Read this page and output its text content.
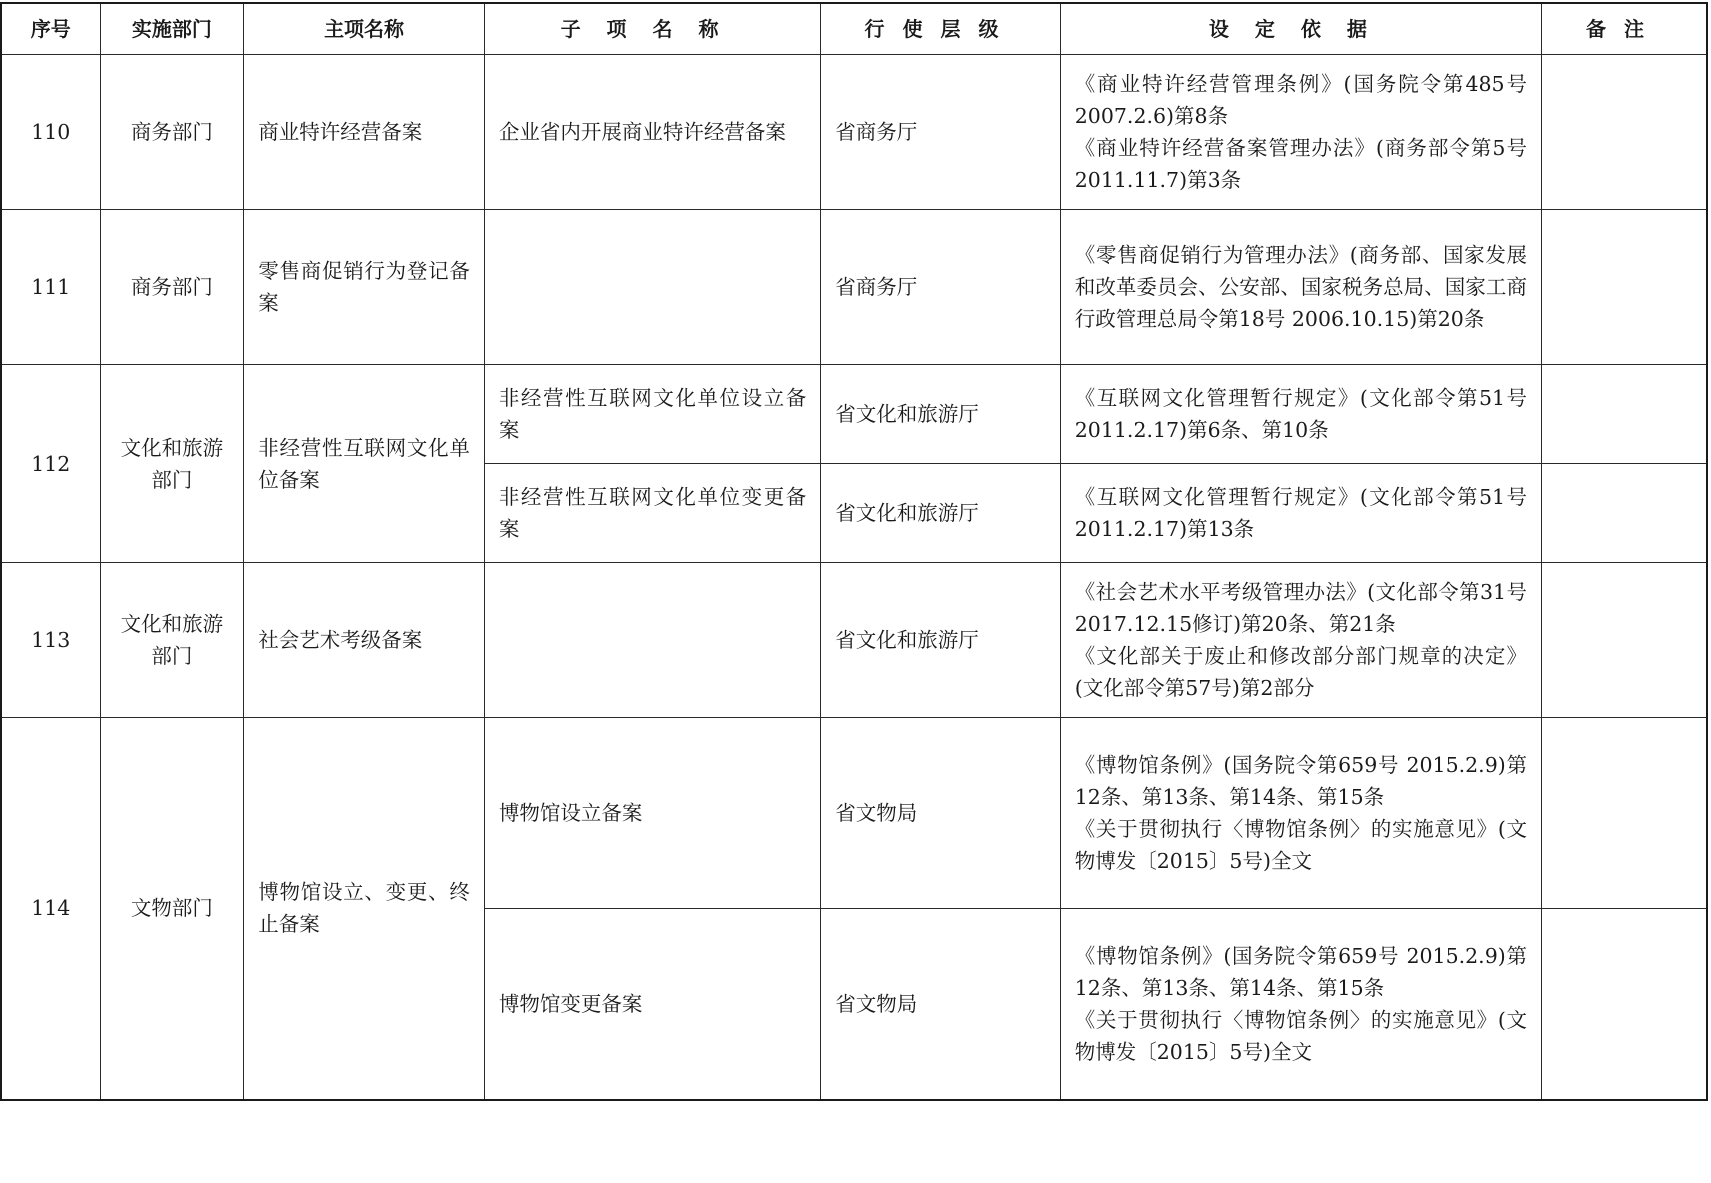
序号	实施部门	主项名称	子项名称	行使层级	设定依据	备注
110	商务部门	商业特许经营备案	企业省内开展商业特许经营备案	省商务厅	《商业特许经营管理条例》(国务院令第485号 2007.2.6)第8条
《商业特许经营备案管理办法》(商务部令第5号 2011.11.7)第3条	

111	商务部门	零售商促销行为登记备案		省商务厅	《零售商促销行为管理办法》(商务部、国家发展和改革委员会、公安部、国家税务总局、国家工商行政管理总局令第18号 2006.10.15)第20条	

112	文化和旅游部门	非经营性互联网文化单位备案	非经营性互联网文化单位设立备案	省文化和旅游厅	《互联网文化管理暂行规定》(文化部令第51号 2011.2.17)第6条、第10条	

			非经营性互联网文化单位变更备案	省文化和旅游厅	《互联网文化管理暂行规定》(文化部令第51号 2011.2.17)第13条	

113	文化和旅游部门	社会艺术考级备案		省文化和旅游厅	《社会艺术水平考级管理办法》(文化部令第31号 2017.12.15修订)第20条、第21条
《文化部关于废止和修改部分部门规章的决定》(文化部令第57号)第2部分	

114	文物部门	博物馆设立、变更、终止备案	博物馆设立备案	省文物局	《博物馆条例》(国务院令第659号 2015.2.9)第12条、第13条、第14条、第15条
《关于贯彻执行〈博物馆条例〉的实施意见》(文物博发〔2015〕5号)全文	

			博物馆变更备案	省文物局	《博物馆条例》(国务院令第659号 2015.2.9)第12条、第13条、第14条、第15条
《关于贯彻执行〈博物馆条例〉的实施意见》(文物博发〔2015〕5号)全文	
